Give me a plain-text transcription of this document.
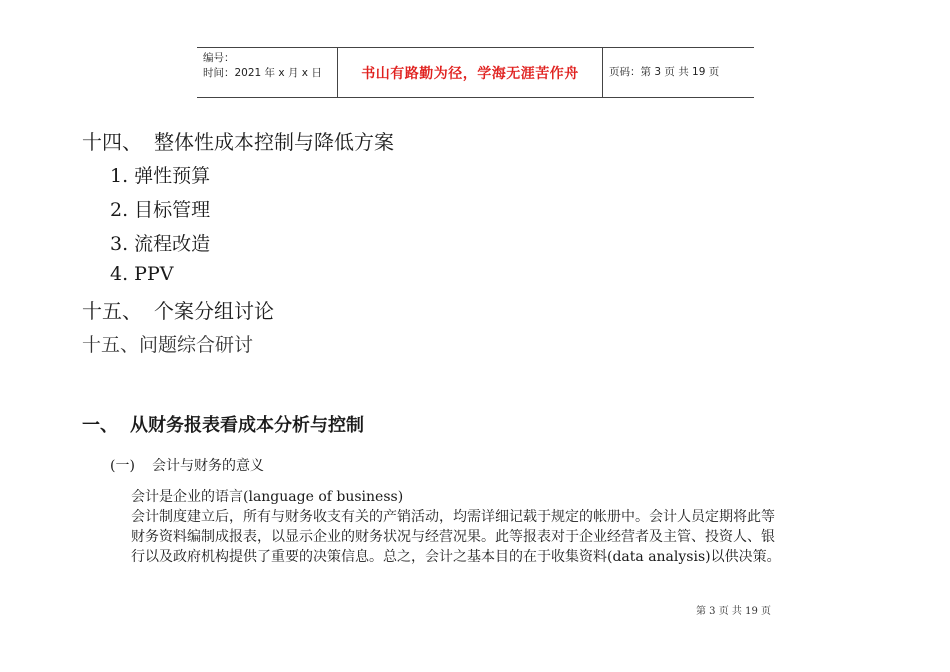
编号：
时间：2021 年 x 月 x 日	书山有路勤为径，学海无涯苦作舟	页码：第 3 页 共 19 页
十四、 整体性成本控制与降低方案
1. 弹性预算
2. 目标管理
3. 流程改造
4. PPV
十五、 个案分组讨论
十五、问题综合研讨
一、 从财务报表看成本分析与控制
(一) 会计与财务的意义
会计是企业的语言(language of business)
会计制度建立后，所有与财务收支有关的产销活动，均需详细记载于规定的帐册中。会计人员定期将此等
财务资料编制成报表，以显示企业的财务状况与经营况果。此等报表对于企业经营者及主管、投资人、银
行以及政府机构提供了重要的决策信息。总之，会计之基本目的在于收集资料(data analysis)以供决策。
第 3 页 共 19 页
